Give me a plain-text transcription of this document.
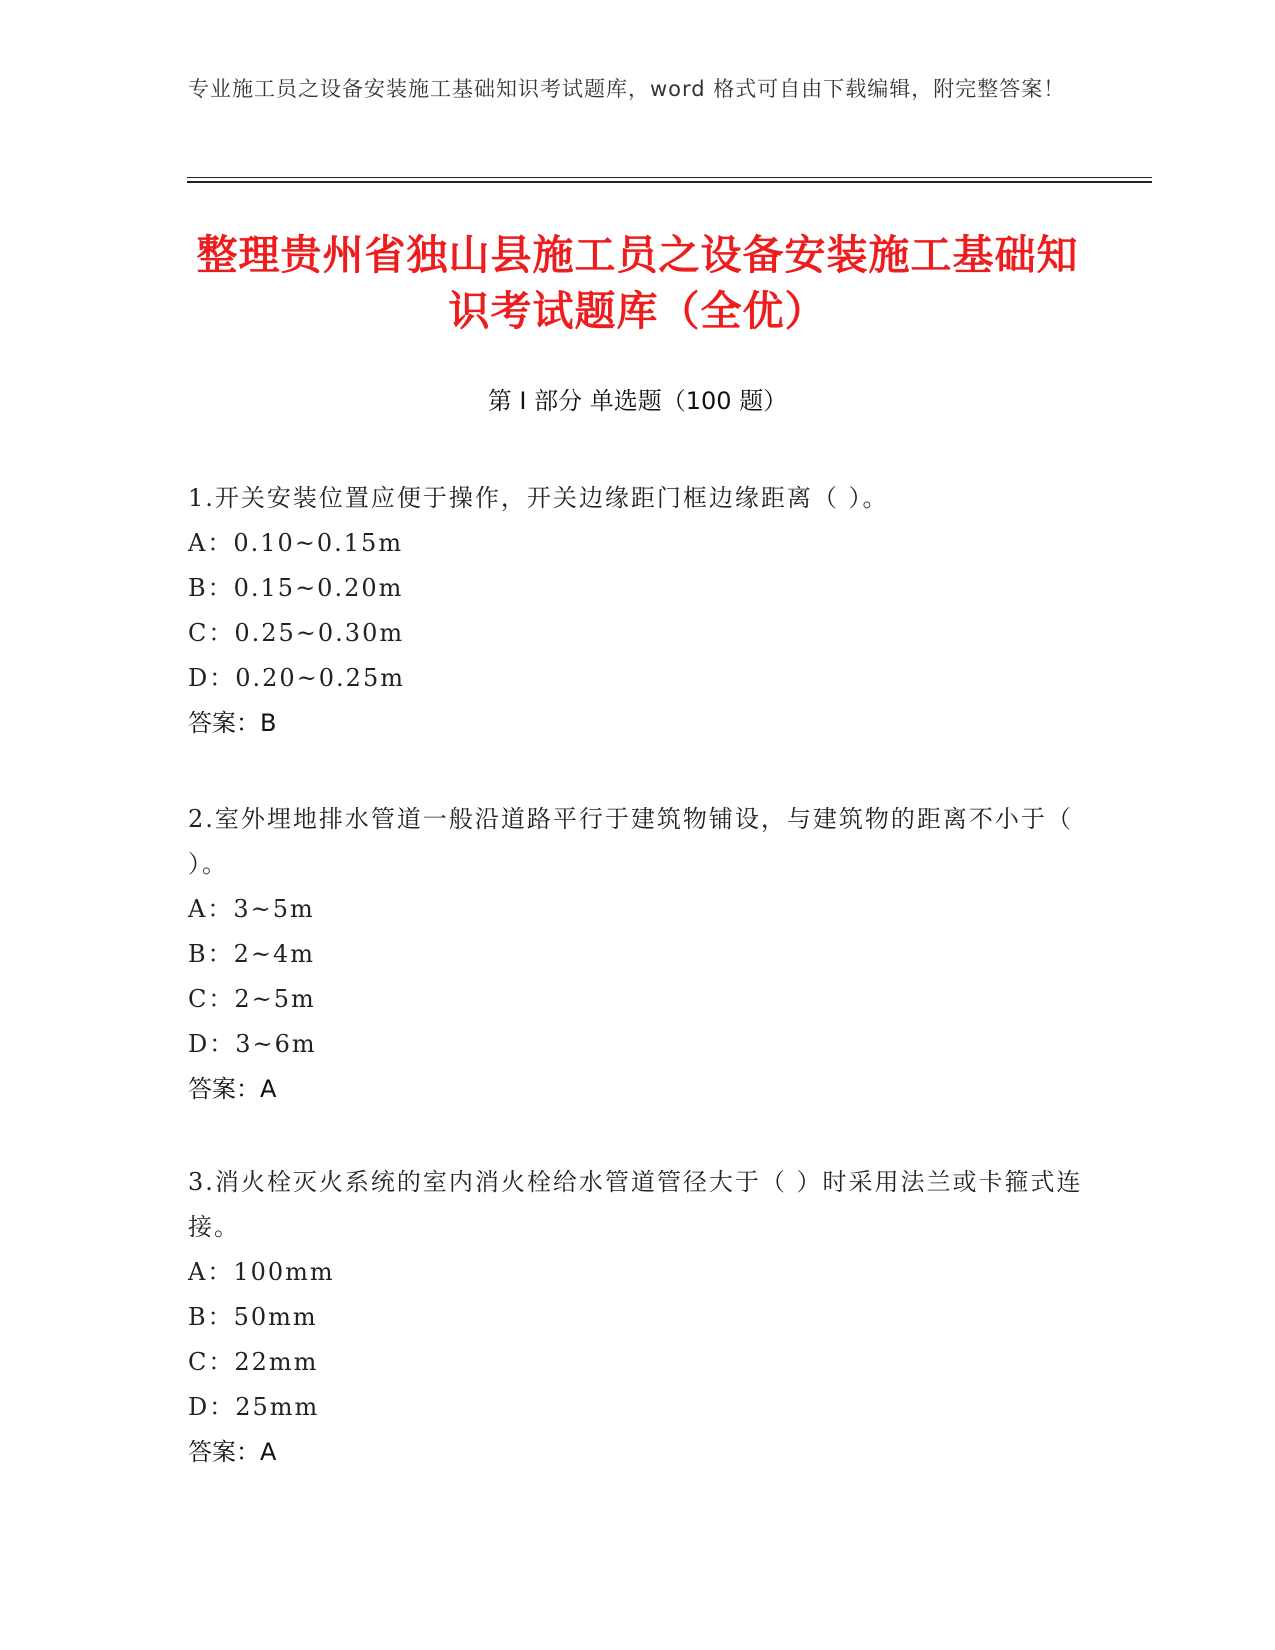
专业施工员之设备安装施工基础知识考试题库，word 格式可自由下载编辑，附完整答案！
整理贵州省独山县施工员之设备安装施工基础知识考试题库（全优）
第 I 部分 单选题（100 题）

1.开关安装位置应便于操作，开关边缘距门框边缘距离（ ）。

A：0.10~0.15m

B：0.15~0.20m

C：0.25~0.30m

D：0.20~0.25m

答案：B

2.室外埋地排水管道一般沿道路平行于建筑物铺设，与建筑物的距离不小于（ ）。

A：3~5m

B：2~4m

C：2~5m

D：3~6m

答案：A

3.消火栓灭火系统的室内消火栓给水管道管径大于（ ）时采用法兰或卡箍式连接。

A：100mm

B：50mm

C：22mm

D：25mm

答案：A
